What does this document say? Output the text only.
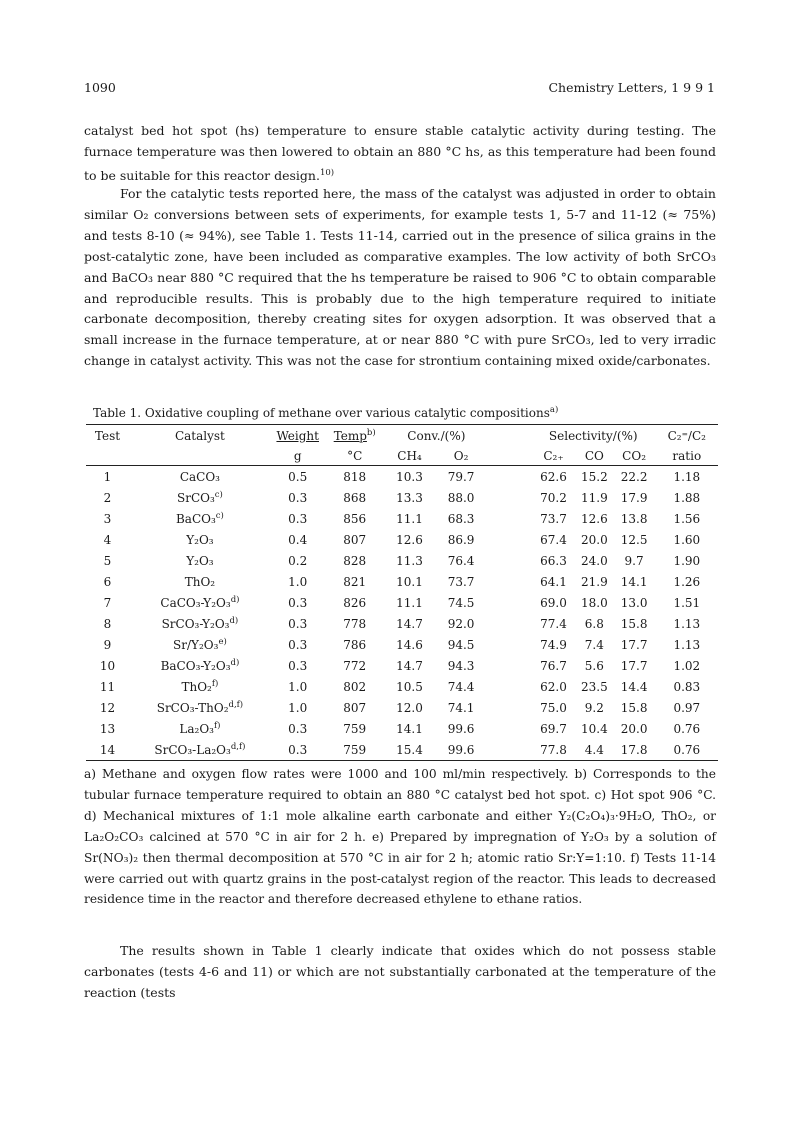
1090	Chemistry Letters, 1 9 9 1

catalyst bed hot spot (hs) temperature to ensure stable catalytic activity during testing. The furnace temperature was then lowered to obtain an 880 °C hs, as this temperature had been found to be suitable for this reactor design.$^{10)}$

For the catalytic tests reported here, the mass of the catalyst was adjusted in order to obtain similar O₂ conversions between sets of experiments, for example tests 1, 5-7 and 11-12 (≈ 75%) and tests 8-10 (≈ 94%), see Table 1. Tests 11-14, carried out in the presence of silica grains in the post-catalytic zone, have been included as comparative examples. The low activity of both SrCO₃ and BaCO₃ near 880 °C required that the hs temperature be raised to 906 °C to obtain comparable and reproducible results. This is probably due to the high temperature required to initiate carbonate decomposition, thereby creating sites for oxygen adsorption. It was observed that a small increase in the furnace temperature, at or near 880 °C with pure SrCO₃, led to very irradic change in catalyst activity. This was not the case for strontium containing mixed oxide/carbonates.

Table 1. Oxidative coupling of methane over various catalytic compositions$^{a)}$
Test	Catalyst	Weight	Temp$^{b)}$	Conv./(%)			Selectivity/(%)			C₂⁼/C₂
		g	°C	CH₄	O₂		C₂₊	CO	CO₂	ratio
1	CaCO₃	0.5	818	10.3	79.7		62.6	15.2	22.2	1.18
2	SrCO₃$^{c)}$	0.3	868	13.3	88.0		70.2	11.9	17.9	1.88
3	BaCO₃$^{c)}$	0.3	856	11.1	68.3		73.7	12.6	13.8	1.56
4	Y₂O₃	0.4	807	12.6	86.9		67.4	20.0	12.5	1.60
5	Y₂O₃	0.2	828	11.3	76.4		66.3	24.0	9.7	1.90
6	ThO₂	1.0	821	10.1	73.7		64.1	21.9	14.1	1.26
7	CaCO₃-Y₂O₃$^{d)}$	0.3	826	11.1	74.5		69.0	18.0	13.0	1.51
8	SrCO₃-Y₂O₃$^{d)}$	0.3	778	14.7	92.0		77.4	6.8	15.8	1.13
9	Sr/Y₂O₃$^{e)}$	0.3	786	14.6	94.5		74.9	7.4	17.7	1.13
10	BaCO₃-Y₂O₃$^{d)}$	0.3	772	14.7	94.3		76.7	5.6	17.7	1.02
11	ThO₂$^{f)}$	1.0	802	10.5	74.4		62.0	23.5	14.4	0.83
12	SrCO₃-ThO₂$^{d,f)}$	1.0	807	12.0	74.1		75.0	9.2	15.8	0.97
13	La₂O₃$^{f)}$	0.3	759	14.1	99.6		69.7	10.4	20.0	0.76
14	SrCO₃-La₂O₃$^{d,f)}$	0.3	759	15.4	99.6		77.8	4.4	17.8	0.76

a) Methane and oxygen flow rates were 1000 and 100 ml/min respectively. b) Corresponds to the tubular furnace temperature required to obtain an 880 °C catalyst bed hot spot. c) Hot spot 906 °C. d) Mechanical mixtures of 1:1 mole alkaline earth carbonate and either Y₂(C₂O₄)₃·9H₂O, ThO₂, or La₂O₂CO₃ calcined at 570 °C in air for 2 h. e) Prepared by impregnation of Y₂O₃ by a solution of Sr(NO₃)₂ then thermal decomposition at 570 °C in air for 2 h; atomic ratio Sr:Y=1:10. f) Tests 11-14 were carried out with quartz grains in the post-catalyst region of the reactor. This leads to decreased residence time in the reactor and therefore decreased ethylene to ethane ratios.

The results shown in Table 1 clearly indicate that oxides which do not possess stable carbonates (tests 4-6 and 11) or which are not substantially carbonated at the temperature of the reaction (tests
